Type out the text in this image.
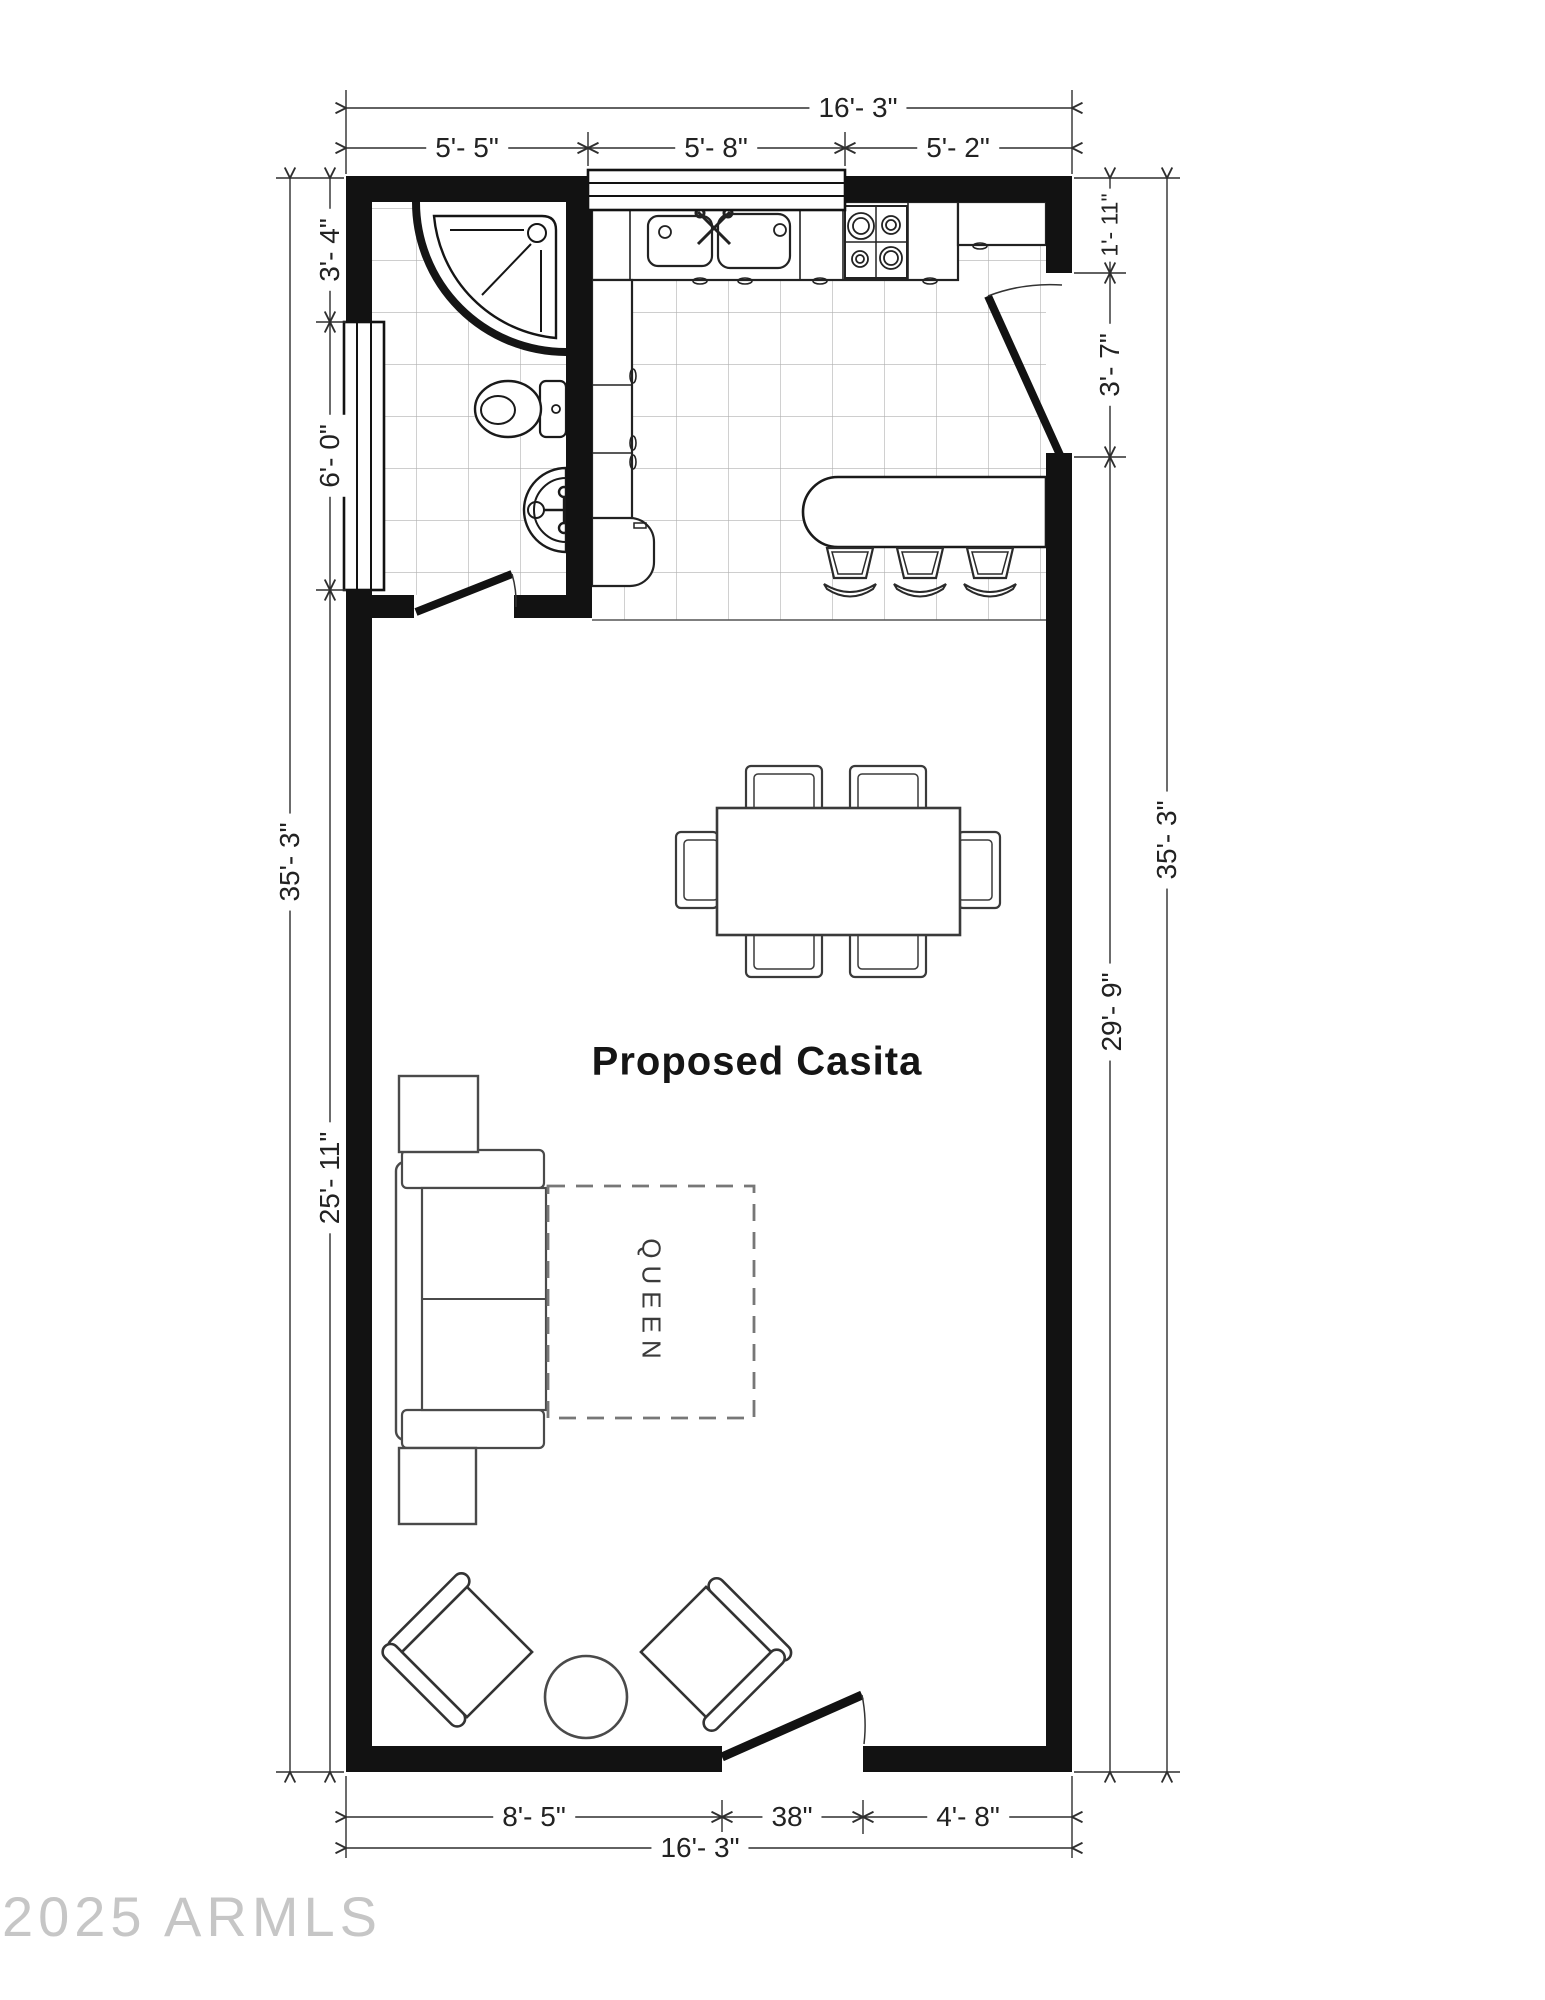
16'- 3"
5'- 5"	5'- 8"	5'- 2"
3'- 4"
6'- 0"
25'- 11"
35'- 3"
1'- 11"
3'- 7"
29'- 9"
35'- 3"
8'- 5"	38"	4'- 8"
16'- 3"
Proposed Casita
QUEEN
2025 ARMLS
